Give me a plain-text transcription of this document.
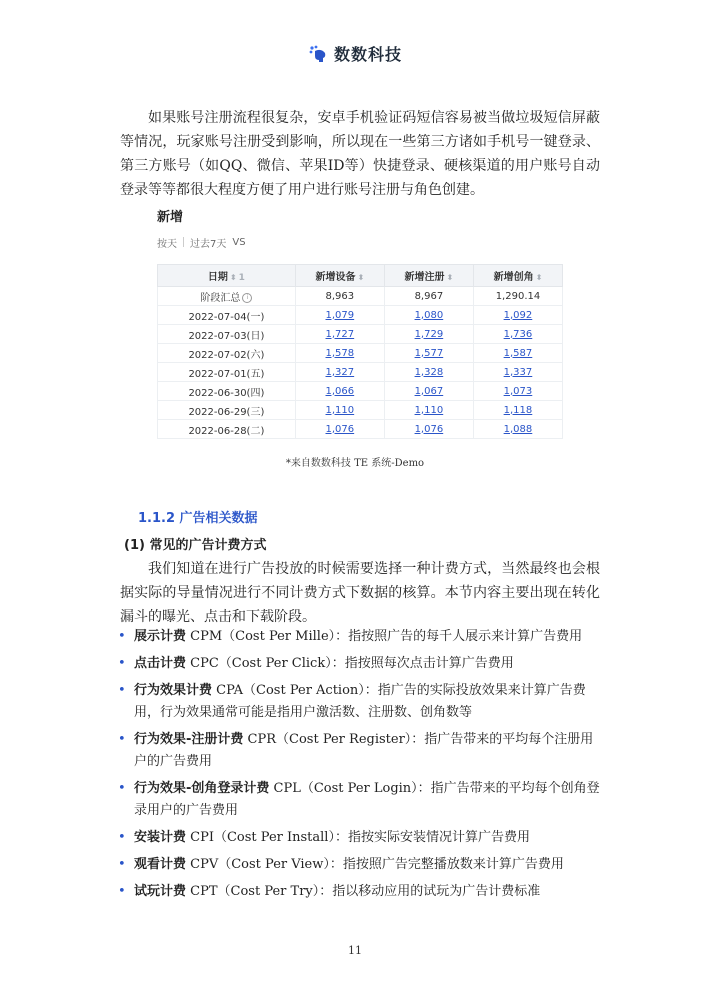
数数科技
如果账号注册流程很复杂，安卓手机验证码短信容易被当做垃圾短信屏蔽等情况，玩家账号注册受到影响，所以现在一些第三方诸如手机号一键登录、第三方账号（如QQ、微信、苹果ID等）快捷登录、硬核渠道的用户账号自动登录等等都很大程度方便了用户进行账号注册与角色创建。
新增
按天 过去7天 VS
日期 ⬍ 1	新增设备 ⬍	新增注册 ⬍	新增创角 ⬍
阶段汇总 i	8,963	8,967	1,290.14
2022-07-04(一)	1,079	1,080	1,092
2022-07-03(日)	1,727	1,729	1,736
2022-07-02(六)	1,578	1,577	1,587
2022-07-01(五)	1,327	1,328	1,337
2022-06-30(四)	1,066	1,067	1,073
2022-06-29(三)	1,110	1,110	1,118
2022-06-28(二)	1,076	1,076	1,088
*来自数数科技 TE 系统-Demo
1.1.2 广告相关数据
(1) 常见的广告计费方式
我们知道在进行广告投放的时候需要选择一种计费方式，当然最终也会根据实际的导量情况进行不同计费方式下数据的核算。本节内容主要出现在转化漏斗的曝光、点击和下载阶段。
• 展示计费 CPM（Cost Per Mille）：指按照广告的每千人展示来计算广告费用
• 点击计费 CPC（Cost Per Click）：指按照每次点击计算广告费用
• 行为效果计费 CPA（Cost Per Action）：指广告的实际投放效果来计算广告费用，行为效果通常可能是指用户激活数、注册数、创角数等
• 行为效果-注册计费 CPR（Cost Per Register）：指广告带来的平均每个注册用户的广告费用
• 行为效果-创角登录计费 CPL（Cost Per Login）：指广告带来的平均每个创角登录用户的广告费用
• 安装计费 CPI（Cost Per Install）：指按实际安装情况计算广告费用
• 观看计费 CPV（Cost Per View）：指按照广告完整播放数来计算广告费用
• 试玩计费 CPT（Cost Per Try）：指以移动应用的试玩为广告计费标准
11
